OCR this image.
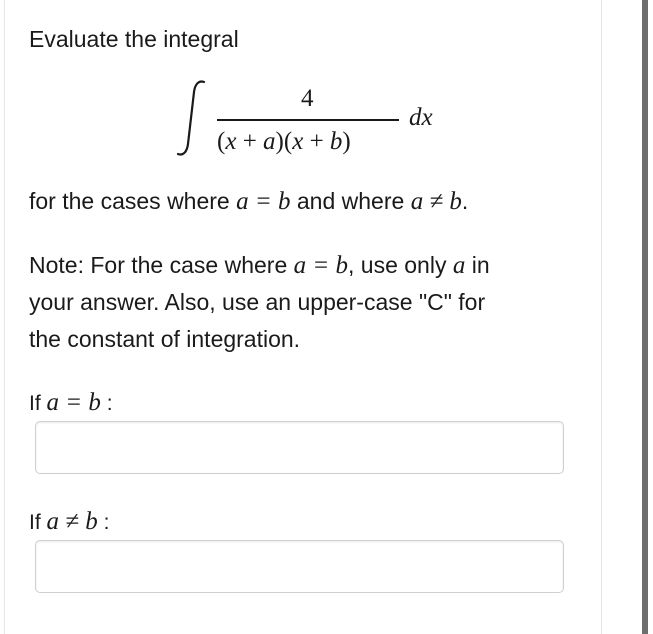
Evaluate the integral
4
(x + a)(x + b)
dx
for the cases where a = b and where a ≠ b.
Note: For the case where a = b, use only a in
your answer. Also, use an upper-case "C" for
the constant of integration.
If a = b :
If a ≠ b :
